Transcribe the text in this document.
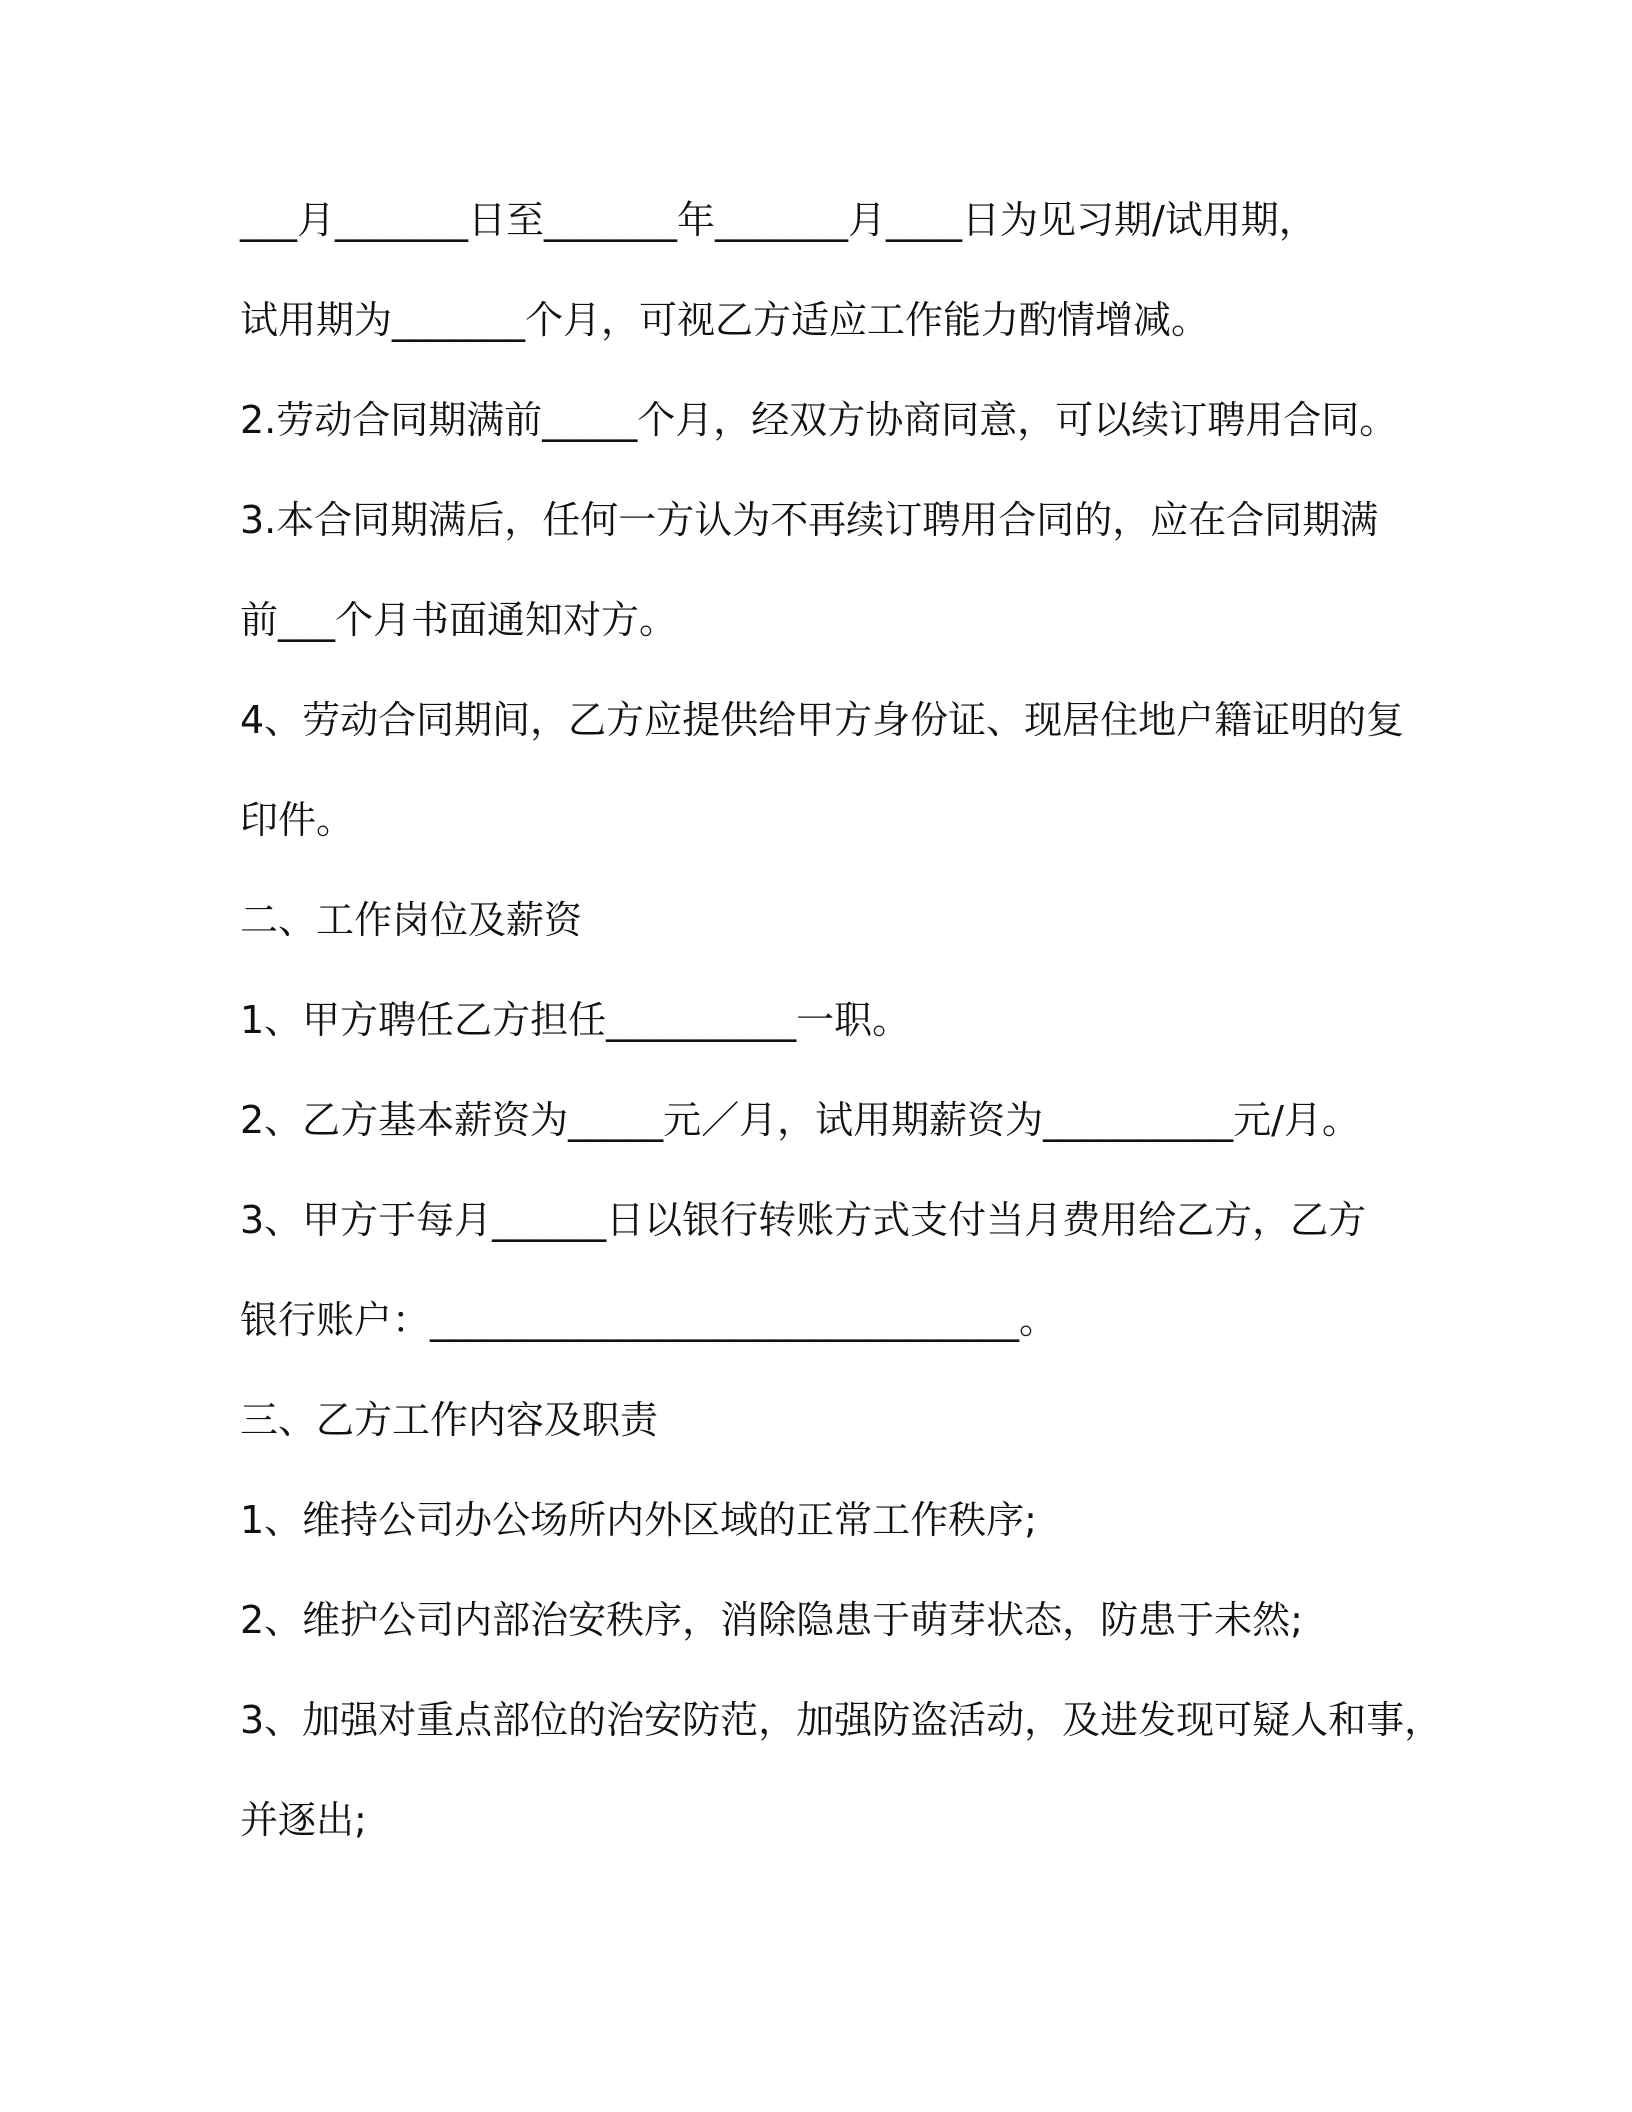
___月_______日至_______年_______月____日为见习期/试用期，
试用期为_______个月，可视乙方适应工作能力酌情增减。
2.劳动合同期满前_____个月，经双方协商同意，可以续订聘用合同。
3.本合同期满后，任何一方认为不再续订聘用合同的，应在合同期满
前___个月书面通知对方。
4、劳动合同期间，乙方应提供给甲方身份证、现居住地户籍证明的复
印件。
二、工作岗位及薪资
1、甲方聘任乙方担任__________一职。
2、乙方基本薪资为_____元／月，试用期薪资为__________元/月。
3、甲方于每月______日以银行转账方式支付当月费用给乙方，乙方
银行账户：_______________________________。
三、乙方工作内容及职责
1、维持公司办公场所内外区域的正常工作秩序;
2、维护公司内部治安秩序，消除隐患于萌芽状态，防患于未然;
3、加强对重点部位的治安防范，加强防盗活动，及进发现可疑人和事，
并逐出;
